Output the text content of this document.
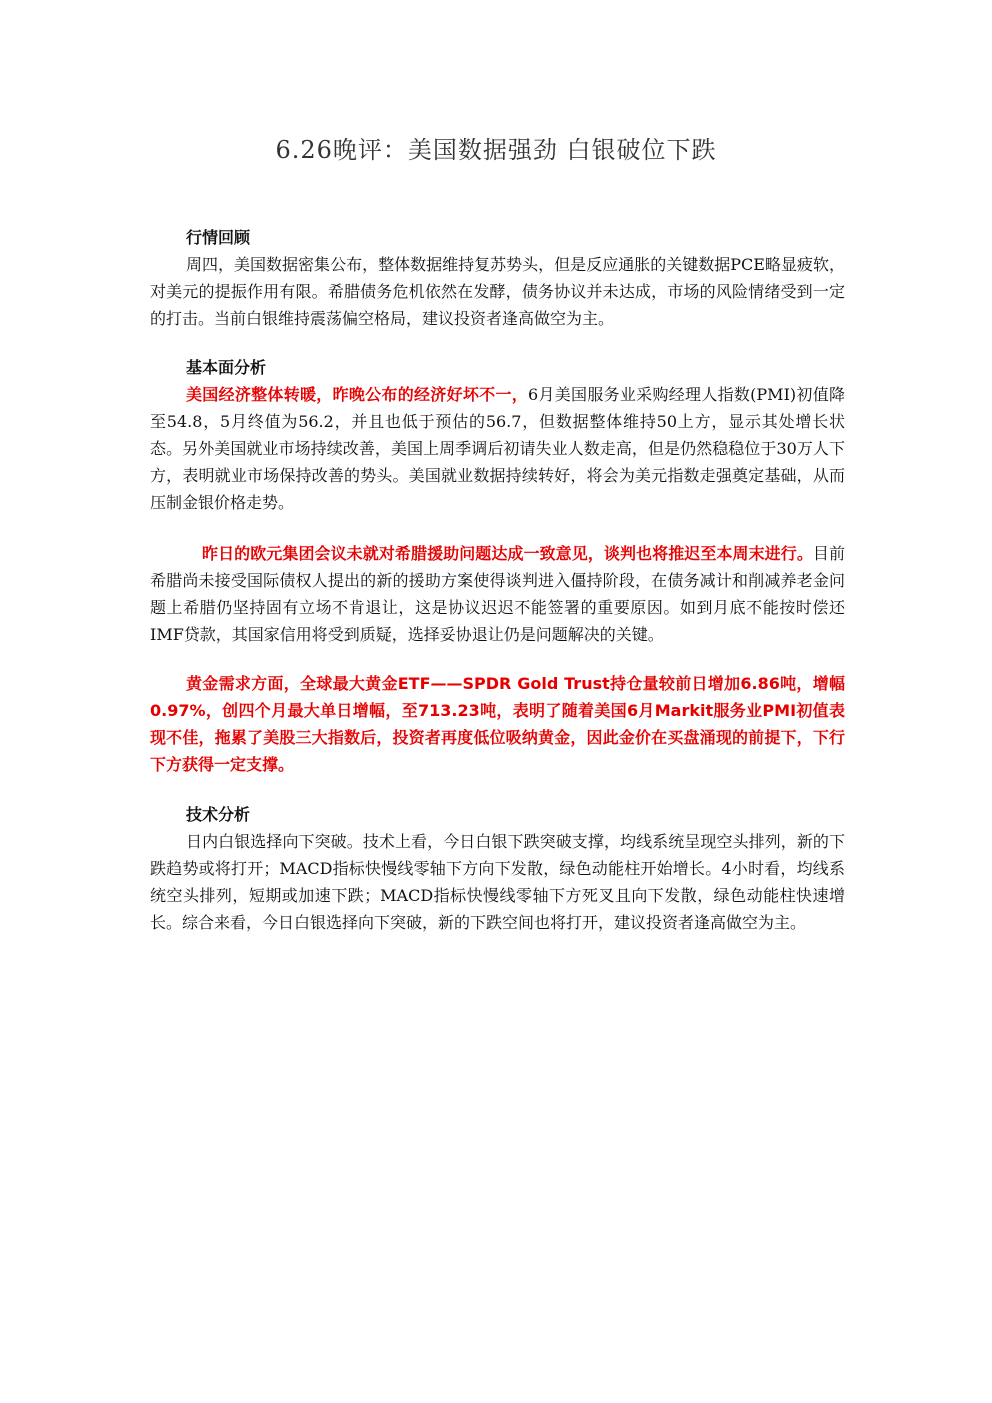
6.26晚评：美国数据强劲 白银破位下跌

行情回顾

周四，美国数据密集公布，整体数据维持复苏势头，但是反应通胀的关键数据PCE略显疲软，对美元的提振作用有限。希腊债务危机依然在发酵，债务协议并未达成，市场的风险情绪受到一定的打击。当前白银维持震荡偏空格局，建议投资者逢高做空为主。

基本面分析

美国经济整体转暖，昨晚公布的经济好坏不一，6月美国服务业采购经理人指数(PMI)初值降至54.8，5月终值为56.2，并且也低于预估的56.7，但数据整体维持50上方，显示其处增长状态。另外美国就业市场持续改善，美国上周季调后初请失业人数走高，但是仍然稳稳位于30万人下方，表明就业市场保持改善的势头。美国就业数据持续转好，将会为美元指数走强奠定基础，从而压制金银价格走势。

昨日的欧元集团会议未就对希腊援助问题达成一致意见，谈判也将推迟至本周末进行。目前希腊尚未接受国际债权人提出的新的援助方案使得谈判进入僵持阶段，在债务减计和削减养老金问题上希腊仍坚持固有立场不肯退让，这是协议迟迟不能签署的重要原因。如到月底不能按时偿还IMF贷款，其国家信用将受到质疑，选择妥协退让仍是问题解决的关键。

黄金需求方面，全球最大黄金ETF——SPDR Gold Trust持仓量较前日增加6.86吨，增幅0.97%，创四个月最大单日增幅，至713.23吨，表明了随着美国6月Markit服务业PMI初值表现不佳，拖累了美股三大指数后，投资者再度低位吸纳黄金，因此金价在买盘涌现的前提下，下行下方获得一定支撑。

技术分析

日内白银选择向下突破。技术上看，今日白银下跌突破支撑，均线系统呈现空头排列，新的下跌趋势或将打开；MACD指标快慢线零轴下方向下发散，绿色动能柱开始增长。4小时看，均线系统空头排列，短期或加速下跌；MACD指标快慢线零轴下方死叉且向下发散，绿色动能柱快速增长。综合来看，今日白银选择向下突破，新的下跌空间也将打开，建议投资者逢高做空为主。
